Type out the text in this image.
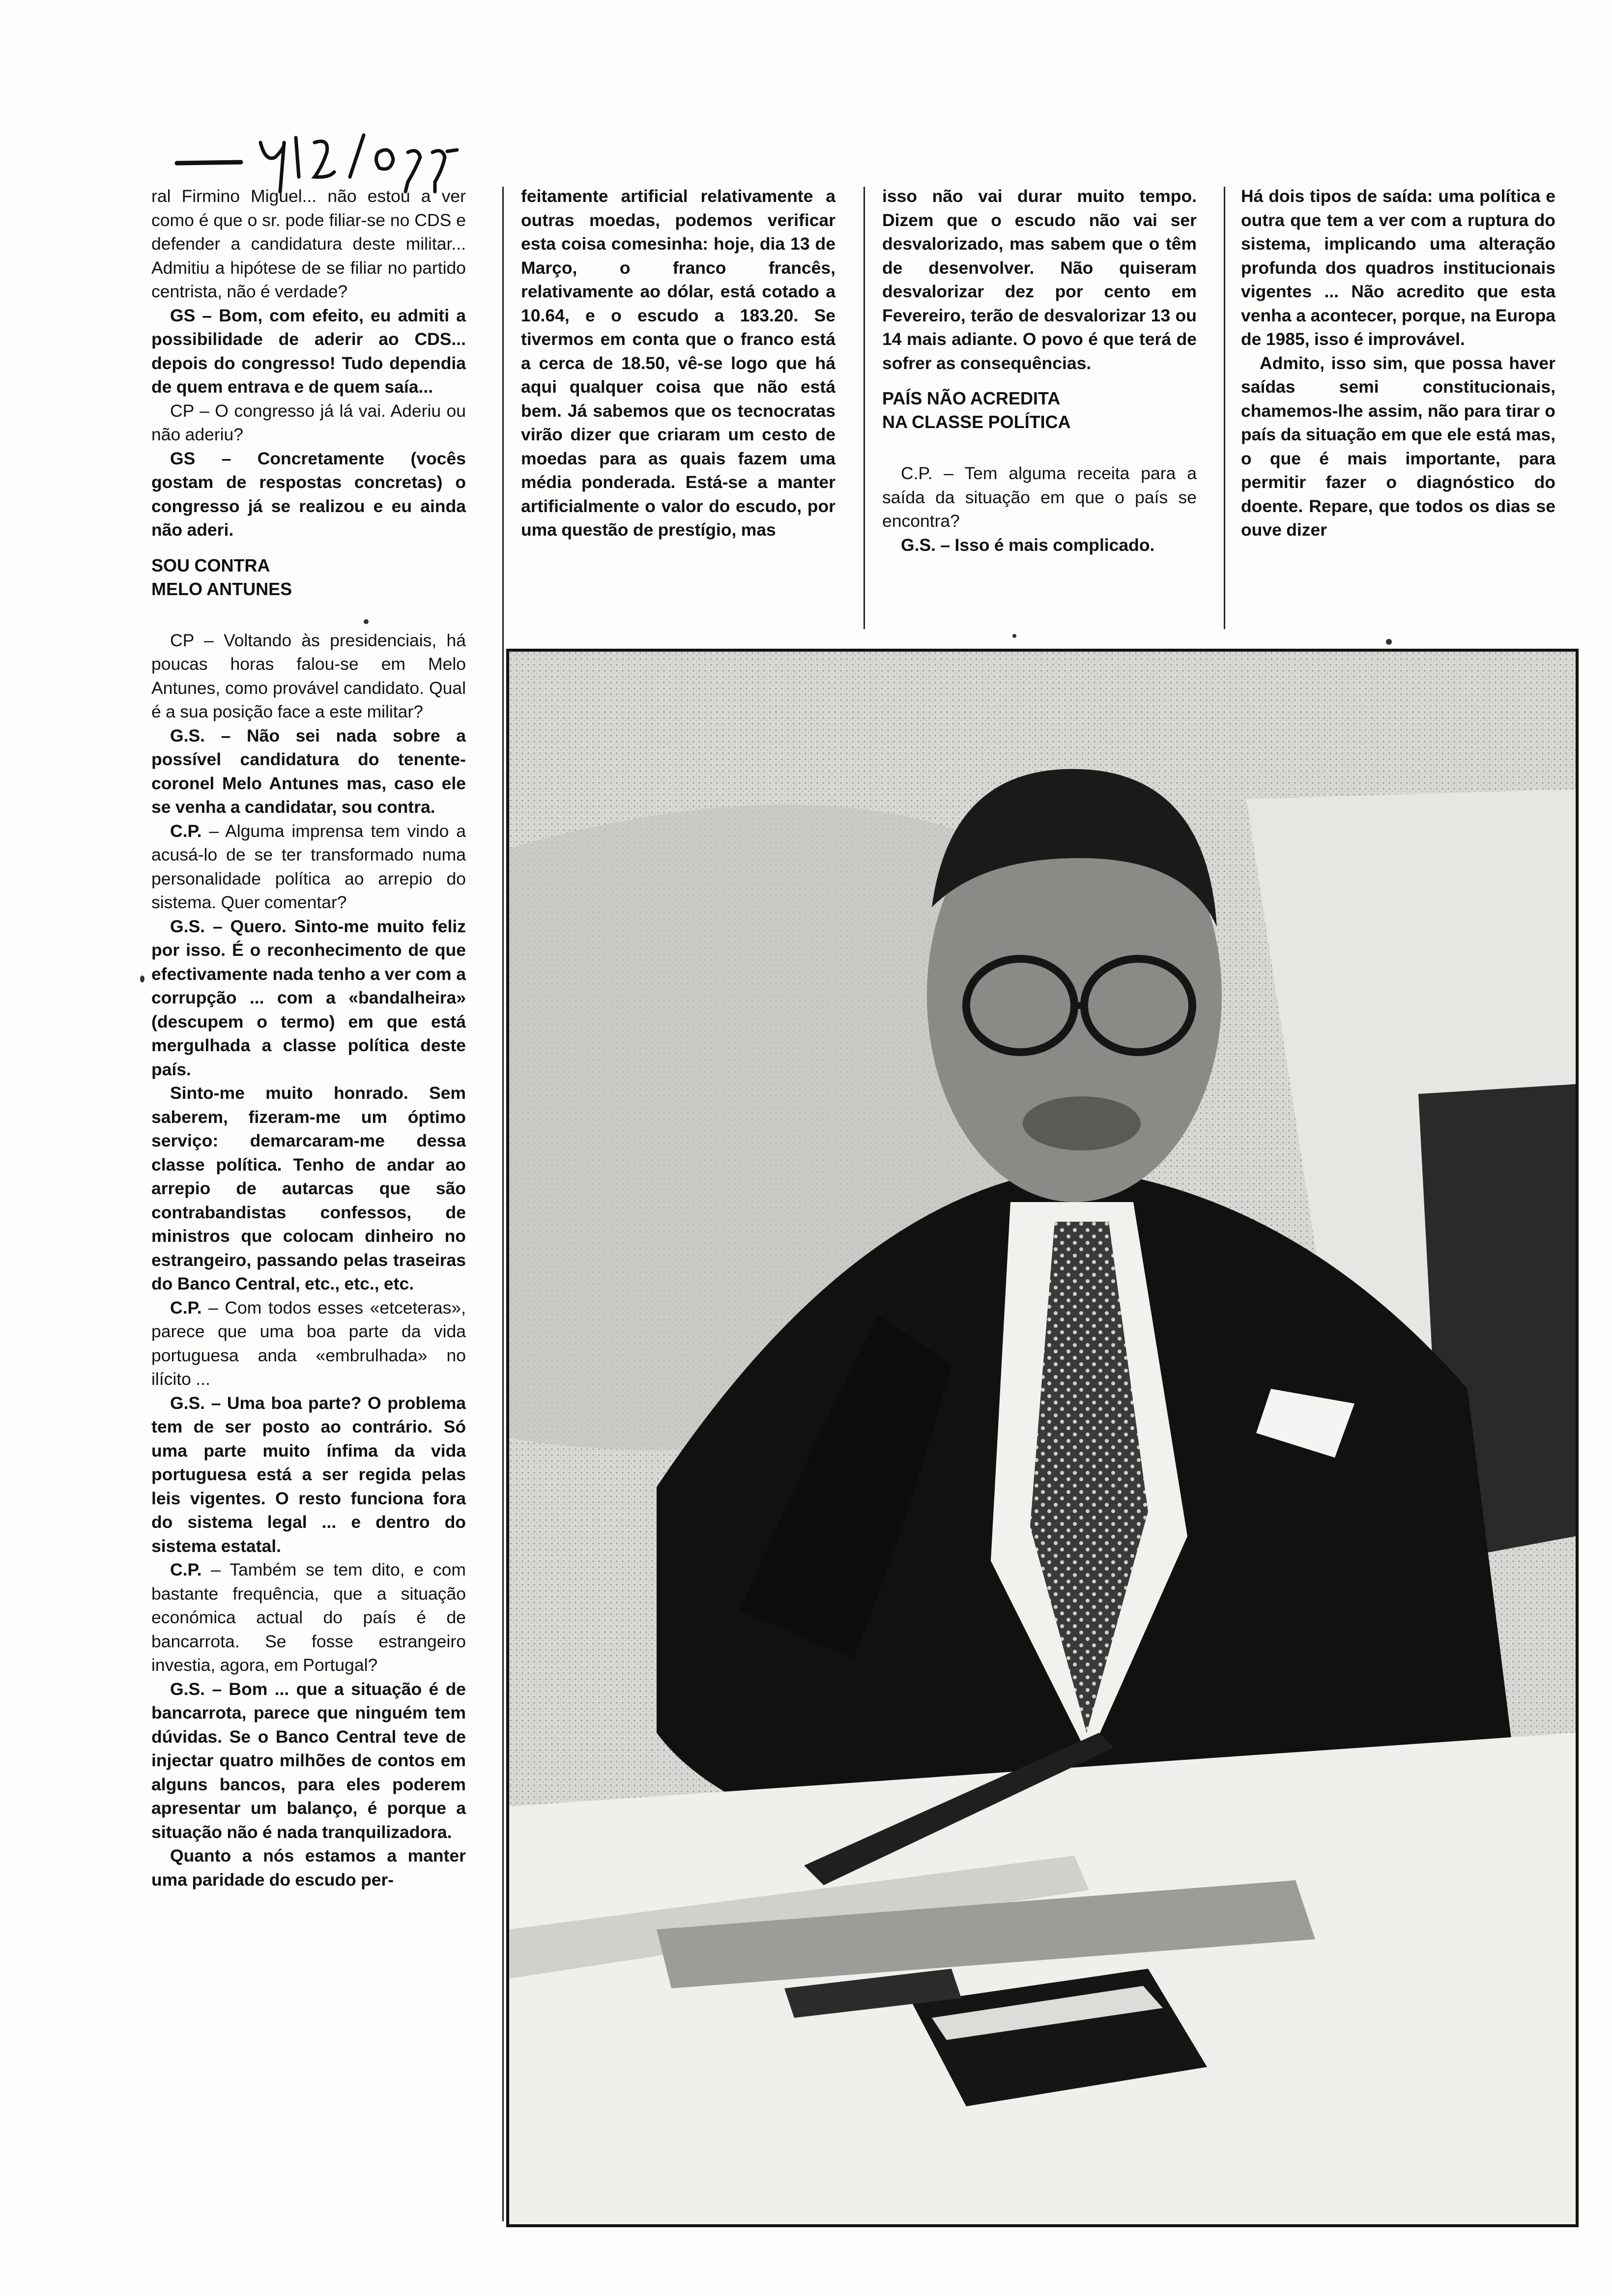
ral Firmino Miguel... não estou a ver como é que o sr. pode filiar-se no CDS e defender a candidatura deste militar... Admitiu a hipótese de se filiar no partido centrista, não é verdade?

GS – Bom, com efeito, eu admiti a possibilidade de aderir ao CDS... depois do congresso! Tudo dependia de quem entrava e de quem saía...

CP – O congresso já lá vai. Aderiu ou não aderiu?

GS – Concretamente (vocês gostam de respostas concretas) o congresso já se realizou e eu ainda não aderi.

SOU CONTRA
MELO ANTUNES

CP – Voltando às presidenciais, há poucas horas falou-se em Melo Antunes, como provável candidato. Qual é a sua posição face a este militar?

G.S. – Não sei nada sobre a possível candidatura do tenente-coronel Melo Antunes mas, caso ele se venha a candidatar, sou contra.

C.P. – Alguma imprensa tem vindo a acusá-lo de se ter transformado numa personalidade política ao arrepio do sistema. Quer comentar?

G.S. – Quero. Sinto-me muito feliz por isso. É o reconhecimento de que efectivamente nada tenho a ver com a corrupção ... com a «bandalheira» (descupem o termo) em que está mergulhada a classe política deste país.

Sinto-me muito honrado. Sem saberem, fizeram-me um óptimo serviço: demarcaram-me dessa classe política. Tenho de andar ao arrepio de autarcas que são contrabandistas confessos, de ministros que colocam dinheiro no estrangeiro, passando pelas traseiras do Banco Central, etc., etc., etc.

C.P. – Com todos esses «etceteras», parece que uma boa parte da vida portuguesa anda «embrulhada» no ilícito ...

G.S. – Uma boa parte? O problema tem de ser posto ao contrário. Só uma parte muito ínfima da vida portuguesa está a ser regida pelas leis vigentes. O resto funciona fora do sistema legal ... e dentro do sistema estatal.

C.P. – Também se tem dito, e com bastante frequência, que a situação económica actual do país é de bancarrota. Se fosse estrangeiro investia, agora, em Portugal?

G.S. – Bom ... que a situação é de bancarrota, parece que ninguém tem dúvidas. Se o Banco Central teve de injectar quatro milhões de contos em alguns bancos, para eles poderem apresentar um balanço, é porque a situação não é nada tranquilizadora.

Quanto a nós estamos a manter uma paridade do escudo per-

feitamente artificial relativamente a outras moedas, podemos verificar esta coisa comesinha: hoje, dia 13 de Março, o franco francês, relativamente ao dólar, está cotado a 10.64, e o escudo a 183.20. Se tivermos em conta que o franco está a cerca de 18.50, vê-se logo que há aqui qualquer coisa que não está bem. Já sabemos que os tecnocratas virão dizer que criaram um cesto de moedas para as quais fazem uma média ponderada. Está-se a manter artificialmente o valor do escudo, por uma questão de prestígio, mas

isso não vai durar muito tempo. Dizem que o escudo não vai ser desvalorizado, mas sabem que o têm de desenvolver. Não quiseram desvalorizar dez por cento em Fevereiro, terão de desvalorizar 13 ou 14 mais adiante. O povo é que terá de sofrer as consequências.

PAÍS NÃO ACREDITA
NA CLASSE POLÍTICA

C.P. – Tem alguma receita para a saída da situação em que o país se encontra?

G.S. – Isso é mais complicado.

Há dois tipos de saída: uma política e outra que tem a ver com a ruptura do sistema, implicando uma alteração profunda dos quadros institucionais vigentes ... Não acredito que esta venha a acontecer, porque, na Europa de 1985, isso é improvável.

Admito, isso sim, que possa haver saídas semi constitucionais, chamemos-lhe assim, não para tirar o país da situação em que ele está mas, o que é mais importante, para permitir fazer o diagnóstico do doente. Repare, que todos os dias se ouve dizer
